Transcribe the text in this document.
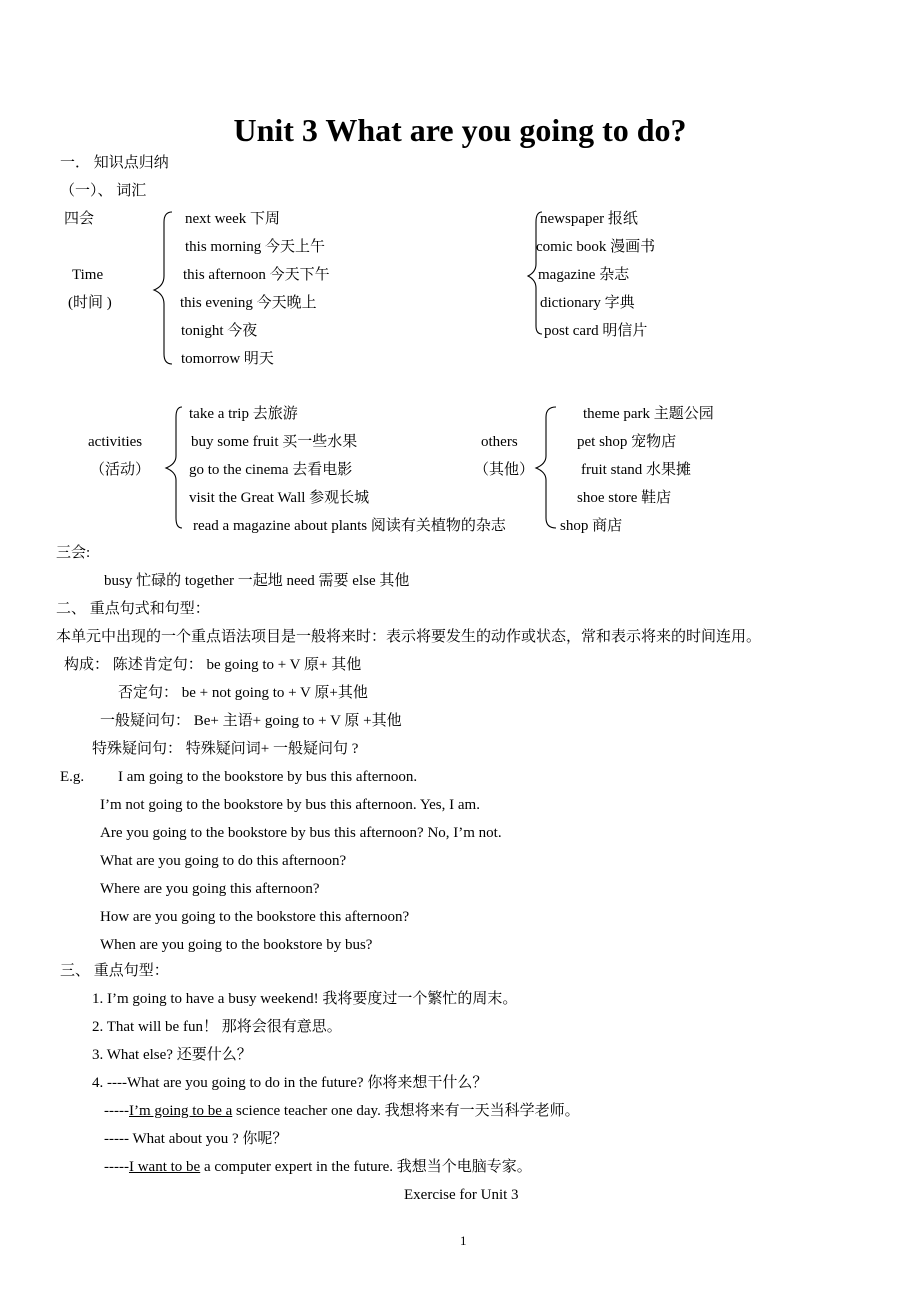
Unit 3 What are you going to do?
一． 知识点归纳
（一）、 词汇
四会
Time
(时间 )
next week 下周
this morning 今天上午
this afternoon 今天下午
this evening 今天晚上
tonight 今夜
tomorrow 明天
newspaper 报纸
comic book 漫画书
magazine 杂志
dictionary 字典
post card 明信片
activities
（活动）
take a trip 去旅游
buy some fruit 买一些水果
go to the cinema 去看电影
visit the Great Wall 参观长城
read a magazine about plants 阅读有关植物的杂志
others
（其他）
theme park 主题公园
pet shop 宠物店
fruit stand 水果摊
shoe store 鞋店
shop 商店
三会:
busy 忙碌的 together 一起地 need 需要 else 其他
二、 重点句式和句型：
本单元中出现的一个重点语法项目是一般将来时：表示将要发生的动作或状态，常和表示将来的时间连用。
构成： 陈述肯定句： be going to + V 原+ 其他
否定句： be + not going to + V 原+其他
一般疑问句： Be+ 主语+ going to + V 原 +其他
特殊疑问句： 特殊疑问词+ 一般疑问句 ?
E.g. I am going to the bookstore by bus this afternoon.
I’m not going to the bookstore by bus this afternoon. Yes, I am.
Are you going to the bookstore by bus this afternoon? No, I’m not.
What are you going to do this afternoon?
Where are you going this afternoon?
How are you going to the bookstore this afternoon?
When are you going to the bookstore by bus?
三、 重点句型：
1. I’m going to have a busy weekend! 我将要度过一个繁忙的周末。
2. That will be fun！ 那将会很有意思。
3. What else? 还要什么？
4. ----What are you going to do in the future? 你将来想干什么？
-----I’m going to be a science teacher one day. 我想将来有一天当科学老师。
----- What about you ? 你呢？
-----I want to be a computer expert in the future. 我想当个电脑专家。
Exercise for Unit 3
1
